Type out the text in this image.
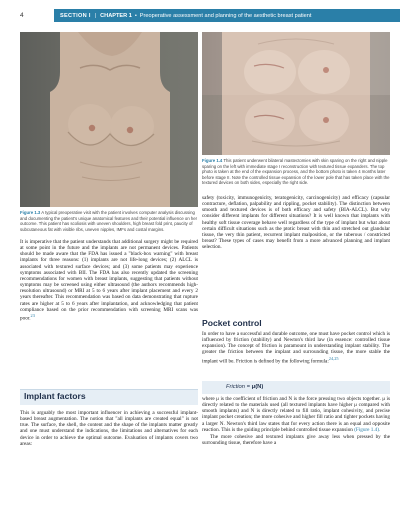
4	SECTION I | CHAPTER 1 • Preoperative assessment and planning of the aesthetic breast patient
Figure 1.3 A typical preoperative visit with the patient involves computer analysis discussing and documenting the patient's unique anatomical features and their potential influence on her outcome. This patient has scoliosis with uneven shoulders, high breast fold print, paucity of subcutaneous fat with visible ribs, uneven nipples, IMFs and costal margins.
Figure 1.4 This patient underwent bilateral mastectomies with skin sparing on the right and nipple sparing on the left with immediate stage I reconstruction with textured tissue expanders. The top photo is taken at the end of the expansion process, and the bottom photo is taken 4 months later before stage II. Note the controlled tissue expansion of the lower pole that has taken place with the textured devices on both sides, especially the right side.
It is imperative that the patient understands that additional surgery might be required at some point in the future and the implants are not permanent devices. Patients should be made aware that the FDA has issued a "black-box warning" with breast implants for three reasons: (1) implants are not life-long devices; (2) ALCL is associated with textured surface devices; and (3) some patients may experience symptoms associated with BII. The FDA has also recently updated the screening recommendations for women with breast implants, suggesting that patients without symptoms may be screened using either ultrasound (the authors recommends high-resolution ultrasound) or MRI at 5 to 6 years after implant placement and every 2 years thereafter. This recommendation was based on data demonstrating that rupture rates are higher at 5 to 6 years after implantation, and acknowledging that patient compliance based on the prior recommendation with screening MRI scans was poor.$^{23}$
Implant factors
This is arguably the most important influencer in achieving a successful implant-based breast augmentation. The notion that "all implants are created equal" is not true. The surface, the shell, the content and the shape of the implants matter greatly and one must understand the indications, the limitations and alternatives for each device in order to achieve the optimal outcome. Evaluation of implants covers two areas:
safety (toxicity, immunogenicity, teratogenicity, carcinogenicity) and efficacy (capsular contracture, deflation, palpability and rippling, pocket stability). The distinction between smooth and textured devices is of both efficacy and safety (BIA-ALCL). But why consider different implants for different situations? It is well known that implants with healthy soft tissue coverage behave well regardless of the type of implant but what about certain difficult situations such as the ptotic breast with thin and stretched out glandular tissue, the very thin patient, recurrent implant malposition, or the tuberous / constricted breast? These types of cases may benefit from a more advanced planning and implant selection.
Pocket control
In order to have a successful and durable outcome, one must have pocket control which is influenced by friction (stability) and Newton's third law (in essence: controlled tissue expansion). The concept of friction is paramount in understanding implant stability. The greater the friction between the implant and surrounding tissue, the more stable the implant will be. Friction is defined by the following formula:$^{24,25}$
Friction = μ(N)
where μ is the coefficient of friction and N is the force pressing two objects together. μ is directly related to the materials used (all textured implants have higher μ compared with smooth implants) and N is directly related to fill ratio, implant cohesivity, and precise implant pocket creation; the more cohesive and higher fill ratio and tighter pockets having a larger N. Newton's third law states that for every action there is an equal and opposite reaction. This is the guiding principle behind controlled tissue expansion (Figure 1.4).
The more cohesive and textured implants give away less when pressed by the surrounding tissue, therefore have a
